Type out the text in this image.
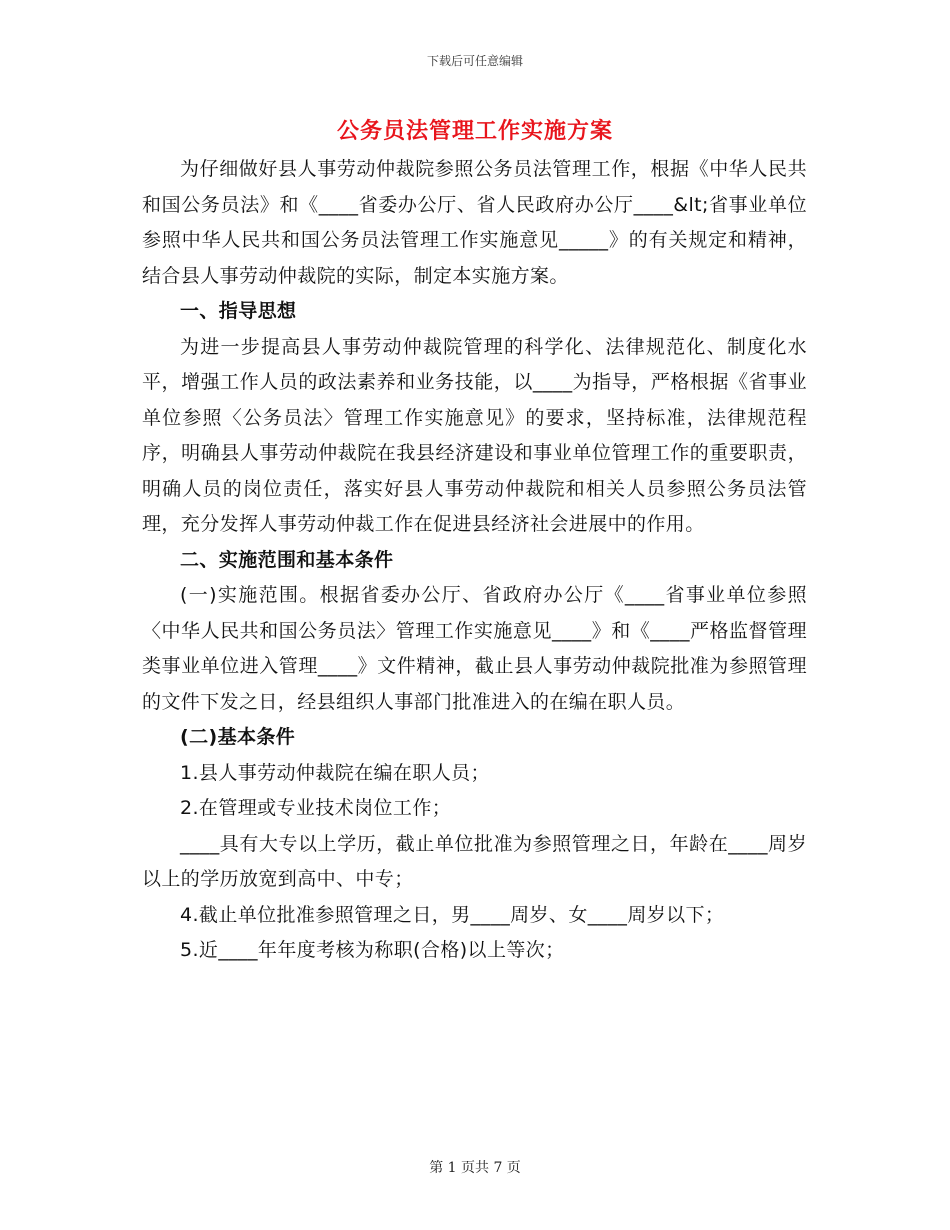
下载后可任意编辑
公务员法管理工作实施方案

为仔细做好县人事劳动仲裁院参照公务员法管理工作，根据《中华人民共和国公务员法》和《____省委办公厅、省人民政府办公厅____&lt;省事业单位参照中华人民共和国公务员法管理工作实施意见_____》的有关规定和精神，结合县人事劳动仲裁院的实际，制定本实施方案。

一、指导思想

为进一步提高县人事劳动仲裁院管理的科学化、法律规范化、制度化水平，增强工作人员的政法素养和业务技能，以____为指导，严格根据《省事业单位参照〈公务员法〉管理工作实施意见》的要求，坚持标准，法律规范程序，明确县人事劳动仲裁院在我县经济建设和事业单位管理工作的重要职责，明确人员的岗位责任，落实好县人事劳动仲裁院和相关人员参照公务员法管理，充分发挥人事劳动仲裁工作在促进县经济社会进展中的作用。

二、实施范围和基本条件

(一)实施范围。根据省委办公厅、省政府办公厅《____省事业单位参照〈中华人民共和国公务员法〉管理工作实施意见____》和《____严格监督管理类事业单位进入管理____》文件精神，截止县人事劳动仲裁院批准为参照管理的文件下发之日，经县组织人事部门批准进入的在编在职人员。

(二)基本条件

1.县人事劳动仲裁院在编在职人员；

2.在管理或专业技术岗位工作；

____具有大专以上学历，截止单位批准为参照管理之日，年龄在____周岁以上的学历放宽到高中、中专；

4.截止单位批准参照管理之日，男____周岁、女____周岁以下；

5.近____年年度考核为称职(合格)以上等次；

第 1 页共 7 页
